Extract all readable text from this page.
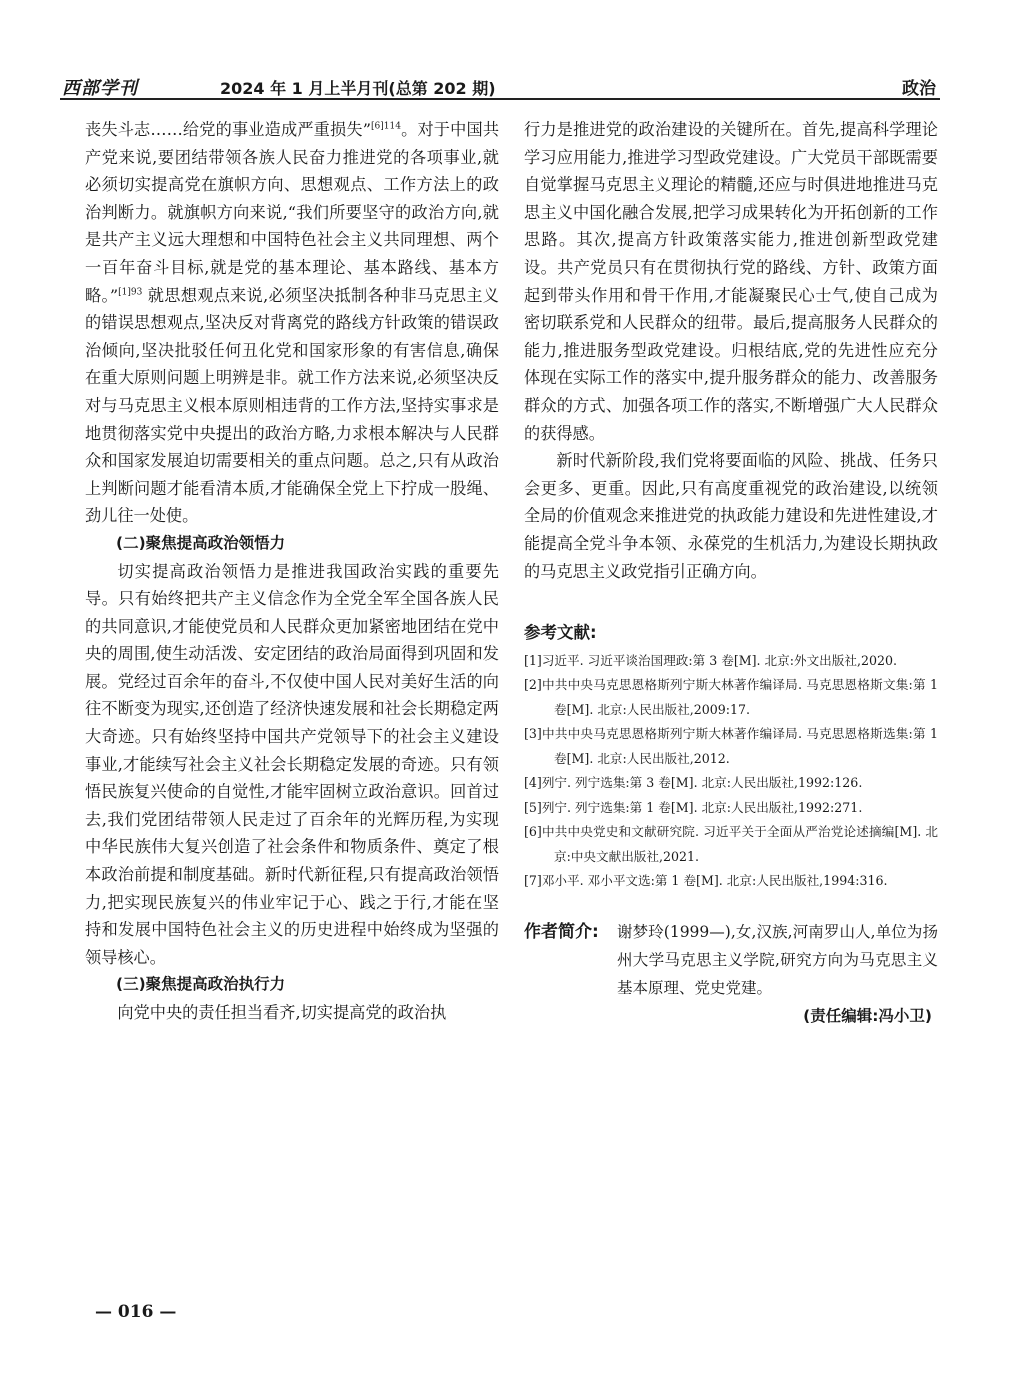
西部学刊	2024 年 1 月上半月刊(总第 202 期)	政治
丧失斗志……给党的事业造成严重损失”$^{[6]114}$。对于中国共产党来说,要团结带领各族人民奋力推进党的各项事业,就必须切实提高党在旗帜方向、思想观点、工作方法上的政治判断力。就旗帜方向来说,“我们所要坚守的政治方向,就是共产主义远大理想和中国特色社会主义共同理想、两个一百年奋斗目标,就是党的基本理论、基本路线、基本方略。”$^{[1]93}$ 就思想观点来说,必须坚决抵制各种非马克思主义的错误思想观点,坚决反对背离党的路线方针政策的错误政治倾向,坚决批驳任何丑化党和国家形象的有害信息,确保在重大原则问题上明辨是非。就工作方法来说,必须坚决反对与马克思主义根本原则相违背的工作方法,坚持实事求是地贯彻落实党中央提出的政治方略,力求根本解决与人民群众和国家发展迫切需要相关的重点问题。总之,只有从政治上判断问题才能看清本质,才能确保全党上下拧成一股绳、劲儿往一处使。
(二)聚焦提高政治领悟力
切实提高政治领悟力是推进我国政治实践的重要先导。只有始终把共产主义信念作为全党全军全国各族人民的共同意识,才能使党员和人民群众更加紧密地团结在党中央的周围,使生动活泼、安定团结的政治局面得到巩固和发展。党经过百余年的奋斗,不仅使中国人民对美好生活的向往不断变为现实,还创造了经济快速发展和社会长期稳定两大奇迹。只有始终坚持中国共产党领导下的社会主义建设事业,才能续写社会主义社会长期稳定发展的奇迹。只有领悟民族复兴使命的自觉性,才能牢固树立政治意识。回首过去,我们党团结带领人民走过了百余年的光辉历程,为实现中华民族伟大复兴创造了社会条件和物质条件、奠定了根本政治前提和制度基础。新时代新征程,只有提高政治领悟力,把实现民族复兴的伟业牢记于心、践之于行,才能在坚持和发展中国特色社会主义的历史进程中始终成为坚强的领导核心。
(三)聚焦提高政治执行力
向党中央的责任担当看齐,切实提高党的政治执
行力是推进党的政治建设的关键所在。首先,提高科学理论学习应用能力,推进学习型政党建设。广大党员干部既需要自觉掌握马克思主义理论的精髓,还应与时俱进地推进马克思主义中国化融合发展,把学习成果转化为开拓创新的工作思路。其次,提高方针政策落实能力,推进创新型政党建设。共产党员只有在贯彻执行党的路线、方针、政策方面起到带头作用和骨干作用,才能凝聚民心士气,使自己成为密切联系党和人民群众的纽带。最后,提高服务人民群众的能力,推进服务型政党建设。归根结底,党的先进性应充分体现在实际工作的落实中,提升服务群众的能力、改善服务群众的方式、加强各项工作的落实,不断增强广大人民群众的获得感。
新时代新阶段,我们党将要面临的风险、挑战、任务只会更多、更重。因此,只有高度重视党的政治建设,以统领全局的价值观念来推进党的执政能力建设和先进性建设,才能提高全党斗争本领、永葆党的生机活力,为建设长期执政的马克思主义政党指引正确方向。
参考文献:
[1]习近平. 习近平谈治国理政:第 3 卷[M]. 北京:外文出版社,2020.
[2]中共中央马克思恩格斯列宁斯大林著作编译局. 马克思恩格斯文集:第 1 卷[M]. 北京:人民出版社,2009:17.
[3]中共中央马克思恩格斯列宁斯大林著作编译局. 马克思恩格斯选集:第 1 卷[M]. 北京:人民出版社,2012.
[4]列宁. 列宁选集:第 3 卷[M]. 北京:人民出版社,1992:126.
[5]列宁. 列宁选集:第 1 卷[M]. 北京:人民出版社,1992:271.
[6]中共中央党史和文献研究院. 习近平关于全面从严治党论述摘编[M]. 北京:中央文献出版社,2021.
[7]邓小平. 邓小平文选:第 1 卷[M]. 北京:人民出版社,1994:316.
作者简介: 谢梦玲(1999—),女,汉族,河南罗山人,单位为扬州大学马克思主义学院,研究方向为马克思主义基本原理、党史党建。
(责任编辑:冯小卫)
— 016 —
